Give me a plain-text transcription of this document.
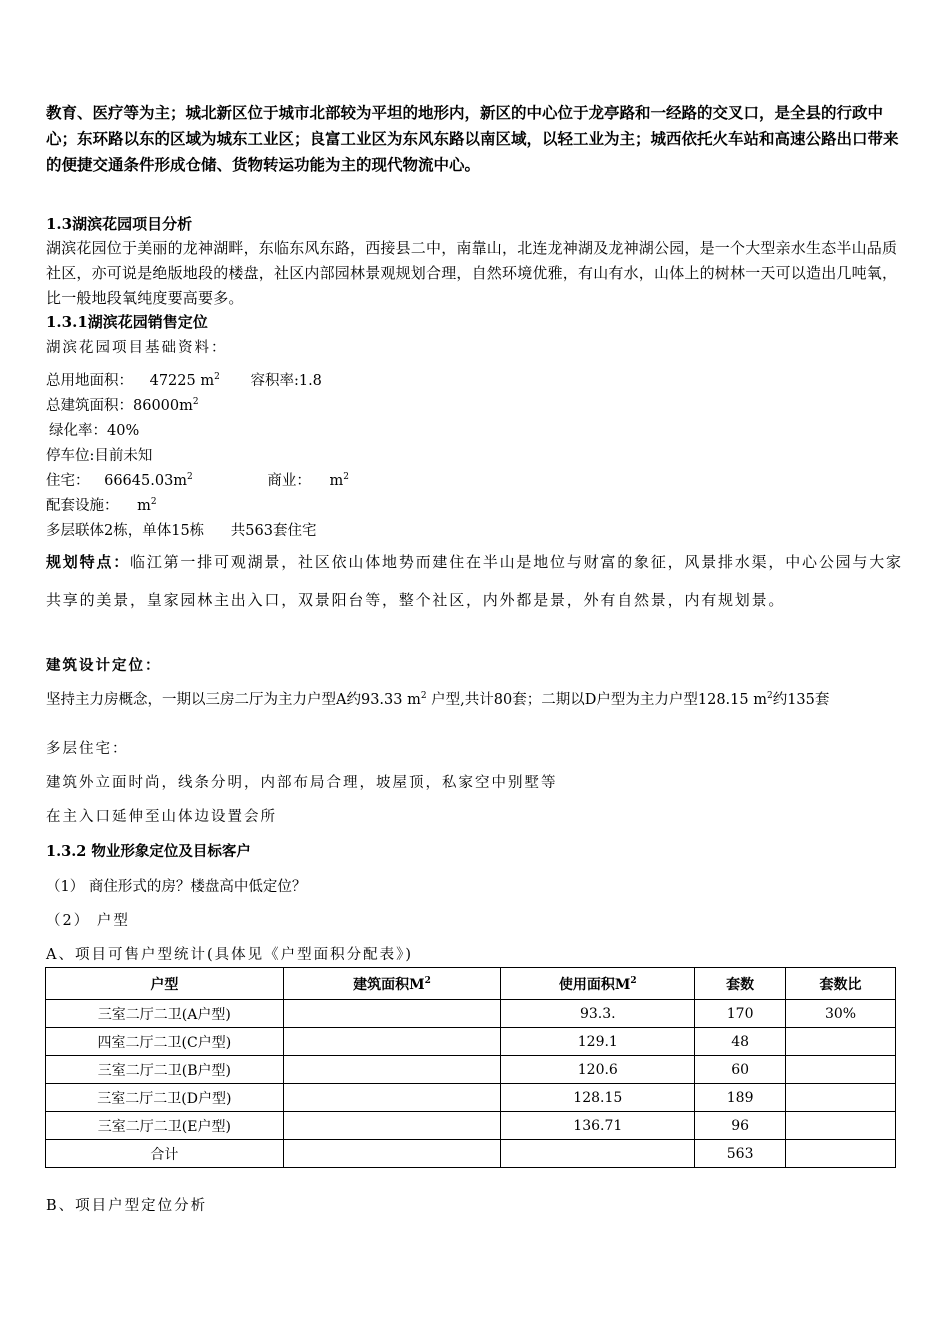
教育、医疗等为主；城北新区位于城市北部较为平坦的地形内，新区的中心位于龙亭路和一经路的交叉口，是全县的行政中心；东环路以东的区域为城东工业区；良富工业区为东风东路以南区域，以轻工业为主；城西依托火车站和高速公路出口带来的便捷交通条件形成仓储、货物转运功能为主的现代物流中心。
1.3湖滨花园项目分析
湖滨花园位于美丽的龙神湖畔，东临东风东路，西接县二中，南靠山，北连龙神湖及龙神湖公园，是一个大型亲水生态半山品质社区，亦可说是绝版地段的楼盘，社区内部园林景观规划合理，自然环境优雅，有山有水，山体上的树林一天可以造出几吨氧，比一般地段氧纯度要高要多。
1.3.1湖滨花园销售定位
湖滨花园项目基础资料：
总用地面积： 47225 $m^2$ 容积率:1.8
总建筑面积：$86000m^2$
绿化率：40%
停车位:目前未知
住宅： $66645.03m^2$	商业： $m^2$
配套设施： $m^2$
多层联体2栋，单体15栋 共563套住宅
规划特点：临江第一排可观湖景，社区依山体地势而建住在半山是地位与财富的象征，风景排水渠，中心公园与大家共享的美景，皇家园林主出入口，双景阳台等，整个社区，内外都是景，外有自然景，内有规划景。
建筑设计定位：
坚持主力房概念，一期以三房二厅为主力户型A约93.33 $m^2$ 户型,共计80套；二期以D户型为主力户型128.15 $m^2$约135套
多层住宅：
建筑外立面时尚，线条分明，内部布局合理，坡屋顶，私家空中别墅等
在主入口延伸至山体边设置会所
1.3.2 物业形象定位及目标客户
（1） 商住形式的房？楼盘高中低定位？
（2） 户型
A、项目可售户型统计(具体见《户型面积分配表》)
户型	建筑面积$M^2$	使用面积$M^2$	套数	套数比
三室二厅二卫(A户型)		93.3.	170	30%
四室二厅二卫(C户型)		129.1	48	
三室二厅二卫(B户型)		120.6	60	
三室二厅二卫(D户型)		128.15	189	
三室二厅二卫(E户型)		136.71	96	
合计			563	
B、项目户型定位分析
